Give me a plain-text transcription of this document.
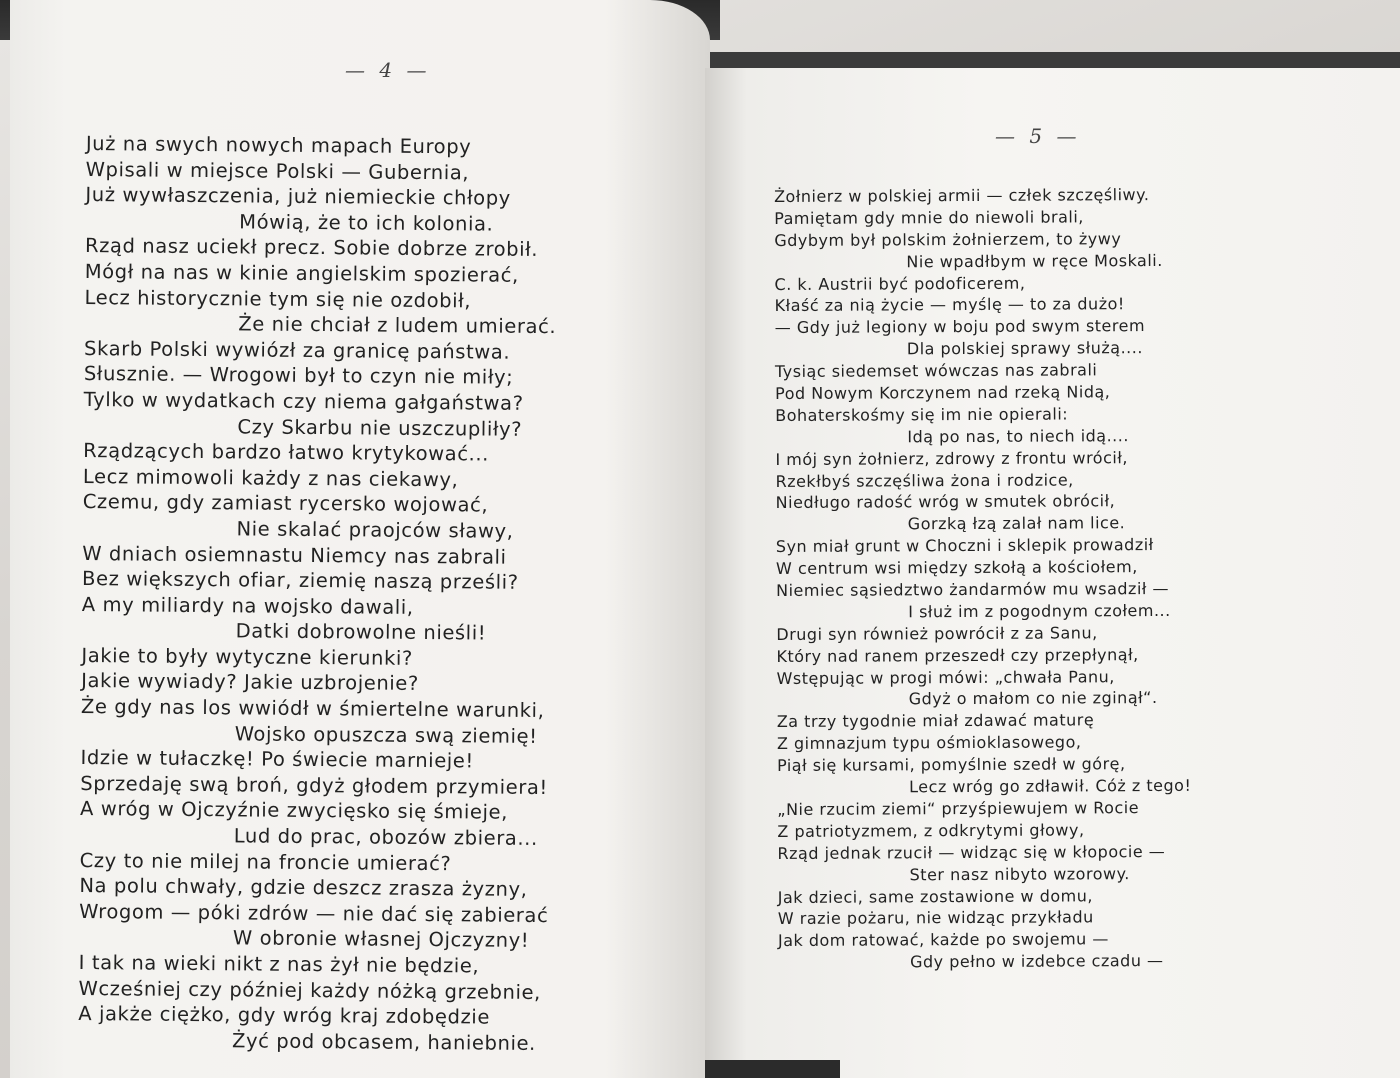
— 4 —
— 5 —
Już na swych nowych mapach Europy
Wpisali w miejsce Polski — Gubernia,
Już wywłaszczenia, już niemieckie chłopy
Mówią, że to ich kolonia.
Rząd nasz uciekł precz. Sobie dobrze zrobił.
Mógł na nas w kinie angielskim spozierać,
Lecz historycznie tym się nie ozdobił,
Że nie chciał z ludem umierać.
Skarb Polski wywiózł za granicę państwa.
Słusznie. — Wrogowi był to czyn nie miły;
Tylko w wydatkach czy niema gałgaństwa?
Czy Skarbu nie uszczupliły?
Rządzących bardzo łatwo krytykować...
Lecz mimowoli każdy z nas ciekawy,
Czemu, gdy zamiast rycersko wojować,
Nie skalać praojców sławy,
W dniach osiemnastu Niemcy nas zabrali
Bez większych ofiar, ziemię naszą prześli?
A my miliardy na wojsko dawali,
Datki dobrowolne nieśli!
Jakie to były wytyczne kierunki?
Jakie wywiady? Jakie uzbrojenie?
Że gdy nas los wwiódł w śmiertelne warunki,
Wojsko opuszcza swą ziemię!
Idzie w tułaczkę! Po świecie marnieje!
Sprzedaję swą broń, gdyż głodem przymiera!
A wróg w Ojczyźnie zwycięsko się śmieje,
Lud do prac, obozów zbiera...
Czy to nie milej na froncie umierać?
Na polu chwały, gdzie deszcz zrasza żyzny,
Wrogom — póki zdrów — nie dać się zabierać
W obronie własnej Ojczyzny!
I tak na wieki nikt z nas żył nie będzie,
Wcześniej czy później każdy nóżką grzebnie,
A jakże ciężko, gdy wróg kraj zdobędzie
Żyć pod obcasem, haniebnie.
Żołnierz w polskiej armii — człek szczęśliwy.
Pamiętam gdy mnie do niewoli brali,
Gdybym był polskim żołnierzem, to żywy
Nie wpadłbym w ręce Moskali.
C. k. Austrii być podoficerem,
Kłaść za nią życie — myślę — to za dużo!
— Gdy już legiony w boju pod swym sterem
Dla polskiej sprawy służą....
Tysiąc siedemset wówczas nas zabrali
Pod Nowym Korczynem nad rzeką Nidą,
Bohaterskośmy się im nie opierali:
Idą po nas, to niech idą....
I mój syn żołnierz, zdrowy z frontu wrócił,
Rzekłbyś szczęśliwa żona i rodzice,
Niedługo radość wróg w smutek obrócił,
Gorzką łzą zalał nam lice.
Syn miał grunt w Choczni i sklepik prowadził
W centrum wsi między szkołą a kościołem,
Niemiec sąsiedztwo żandarmów mu wsadził —
I służ im z pogodnym czołem...
Drugi syn również powrócił z za Sanu,
Który nad ranem przeszedł czy przepłynął,
Wstępując w progi mówi: „chwała Panu,
Gdyż o małom co nie zginął“.
Za trzy tygodnie miał zdawać maturę
Z gimnazjum typu ośmioklasowego,
Piął się kursami, pomyślnie szedł w górę,
Lecz wróg go zdławił. Cóż z tego!
„Nie rzucim ziemi“ przyśpiewujem w Rocie
Z patriotyzmem, z odkrytymi głowy,
Rząd jednak rzucił — widząc się w kłopocie —
Ster nasz nibyto wzorowy.
Jak dzieci, same zostawione w domu,
W razie pożaru, nie widząc przykładu
Jak dom ratować, każde po swojemu —
Gdy pełno w izdebce czadu —
